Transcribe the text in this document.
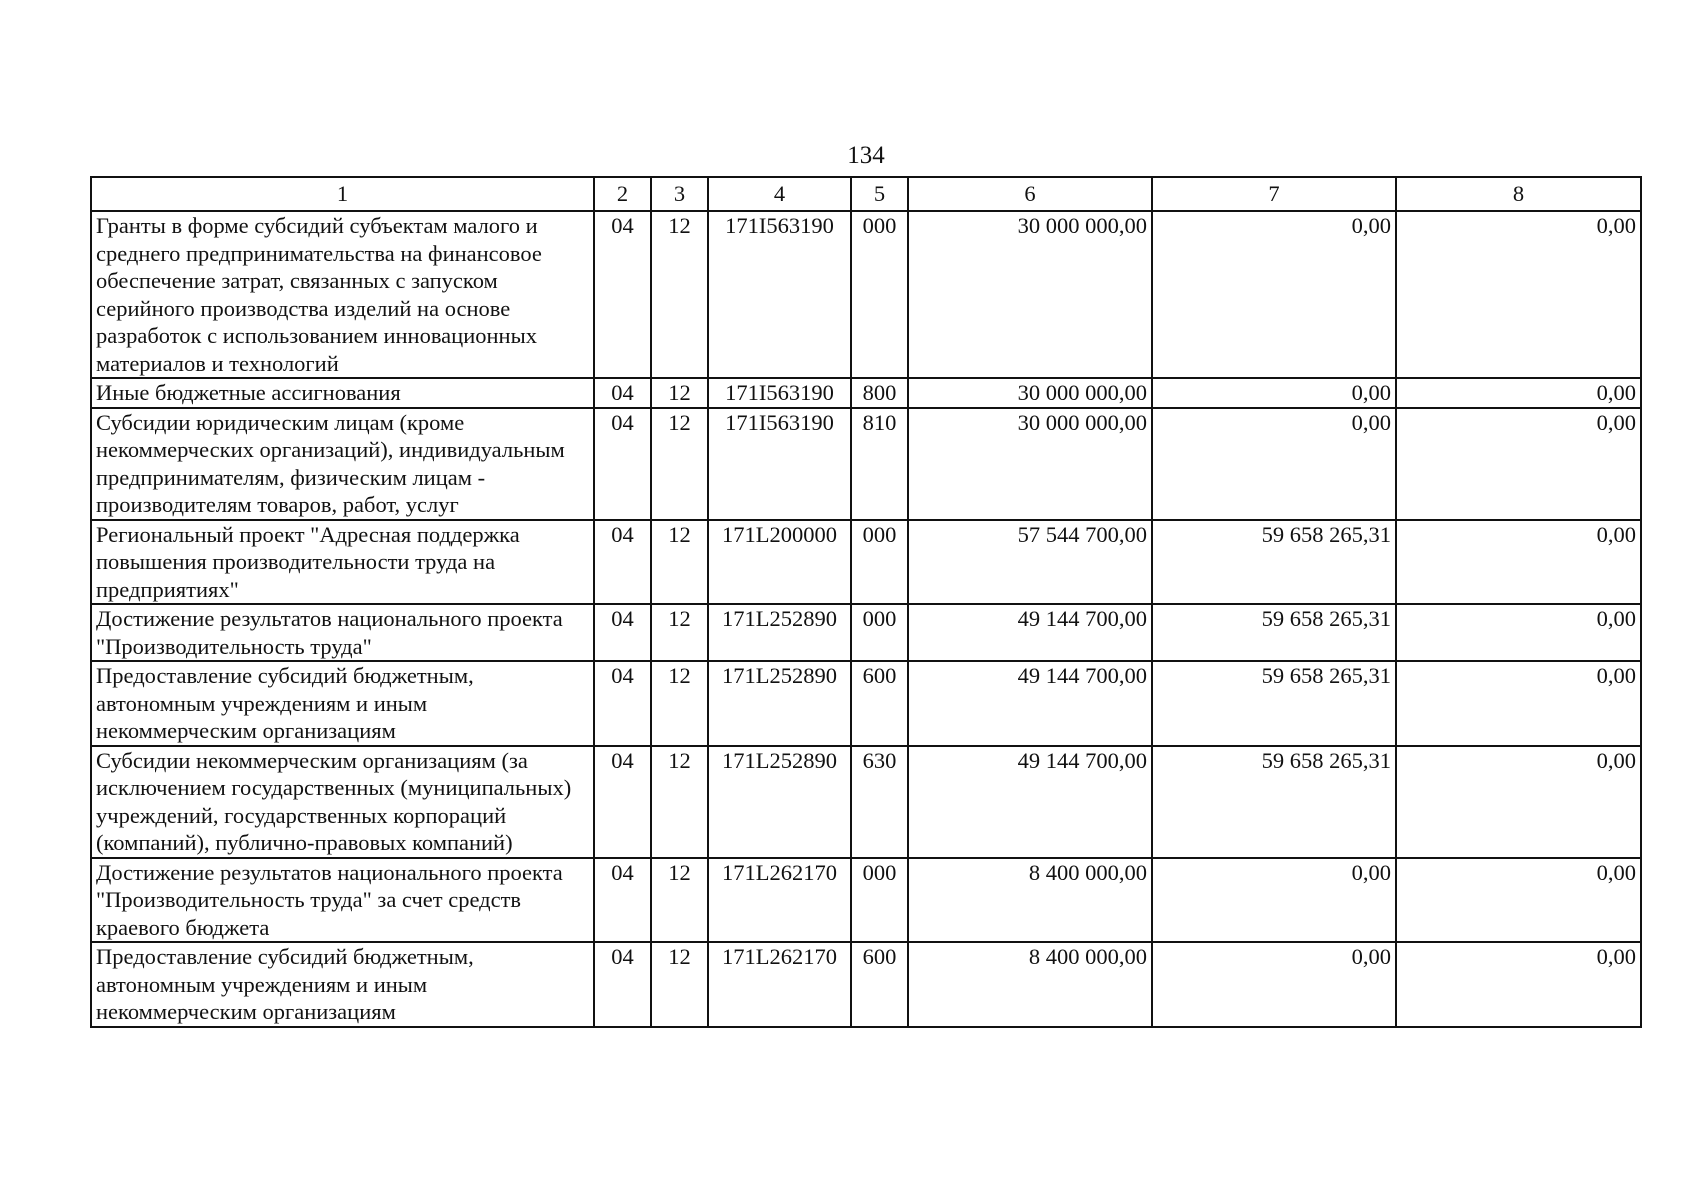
134
1	2	3	4	5	6	7	8
Гранты в форме субсидий субъектам малого и среднего предпринимательства на финансовое обеспечение затрат, связанных с запуском серийного производства изделий на основе разработок с использованием инновационных материалов и технологий	04	12	171I563190	000	30 000 000,00	0,00	0,00
Иные бюджетные ассигнования	04	12	171I563190	800	30 000 000,00	0,00	0,00
Субсидии юридическим лицам (кроме некоммерческих организаций), индивидуальным предпринимателям, физическим лицам - производителям товаров, работ, услуг	04	12	171I563190	810	30 000 000,00	0,00	0,00
Региональный проект "Адресная поддержка повышения производительности труда на предприятиях"	04	12	171L200000	000	57 544 700,00	59 658 265,31	0,00
Достижение результатов национального проекта "Производительность труда"	04	12	171L252890	000	49 144 700,00	59 658 265,31	0,00
Предоставление субсидий бюджетным, автономным учреждениям и иным некоммерческим организациям	04	12	171L252890	600	49 144 700,00	59 658 265,31	0,00
Субсидии некоммерческим организациям (за исключением государственных (муниципальных) учреждений, государственных корпораций (компаний), публично-правовых компаний)	04	12	171L252890	630	49 144 700,00	59 658 265,31	0,00
Достижение результатов национального проекта "Производительность труда" за счет средств краевого бюджета	04	12	171L262170	000	8 400 000,00	0,00	0,00
Предоставление субсидий бюджетным, автономным учреждениям и иным некоммерческим организациям	04	12	171L262170	600	8 400 000,00	0,00	0,00
